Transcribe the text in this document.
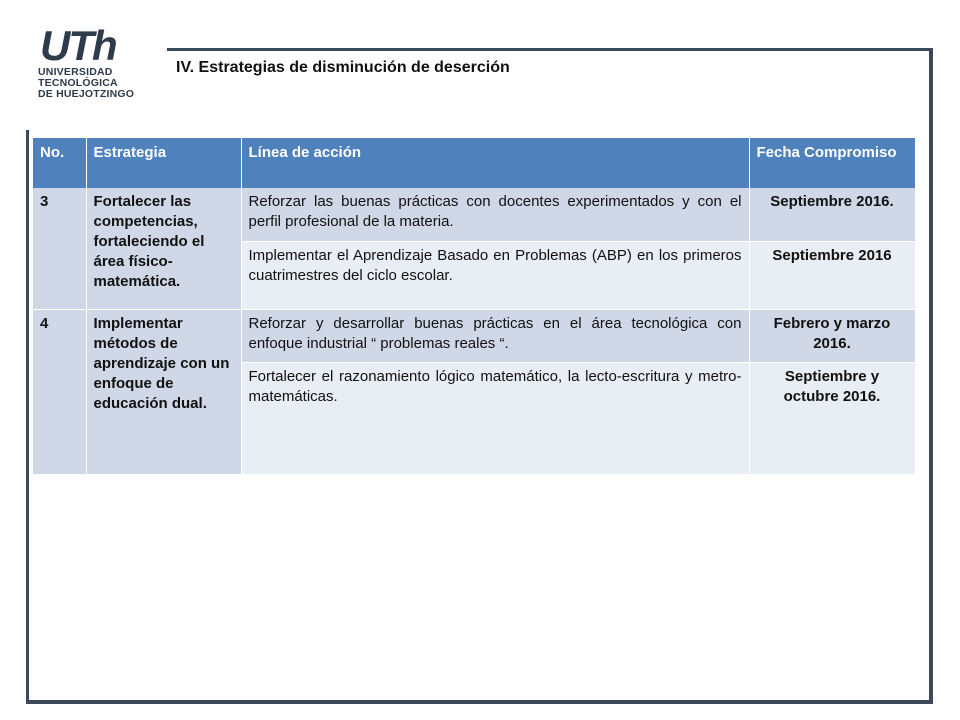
UTh
UNIVERSIDAD
TECNOLÓGICA
DE HUEJOTZINGO
IV. Estrategias de disminución de deserción
No.	Estrategia	Línea de acción	Fecha Compromiso
3	Fortalecer las competencias, fortaleciendo el área físico-matemática.	Reforzar las buenas prácticas con docentes experimentados y con el perfil profesional de la materia.	Septiembre 2016.
		Implementar el Aprendizaje Basado en Problemas (ABP) en los primeros cuatrimestres del ciclo escolar.	Septiembre 2016
4	Implementar métodos de aprendizaje con un enfoque de educación dual.	Reforzar y desarrollar buenas prácticas en el área tecnológica con enfoque industrial “ problemas reales “.	Febrero y marzo 2016.
		Fortalecer el razonamiento lógico matemático, la lecto-escritura y metro-matemáticas.	Septiembre y octubre 2016.
